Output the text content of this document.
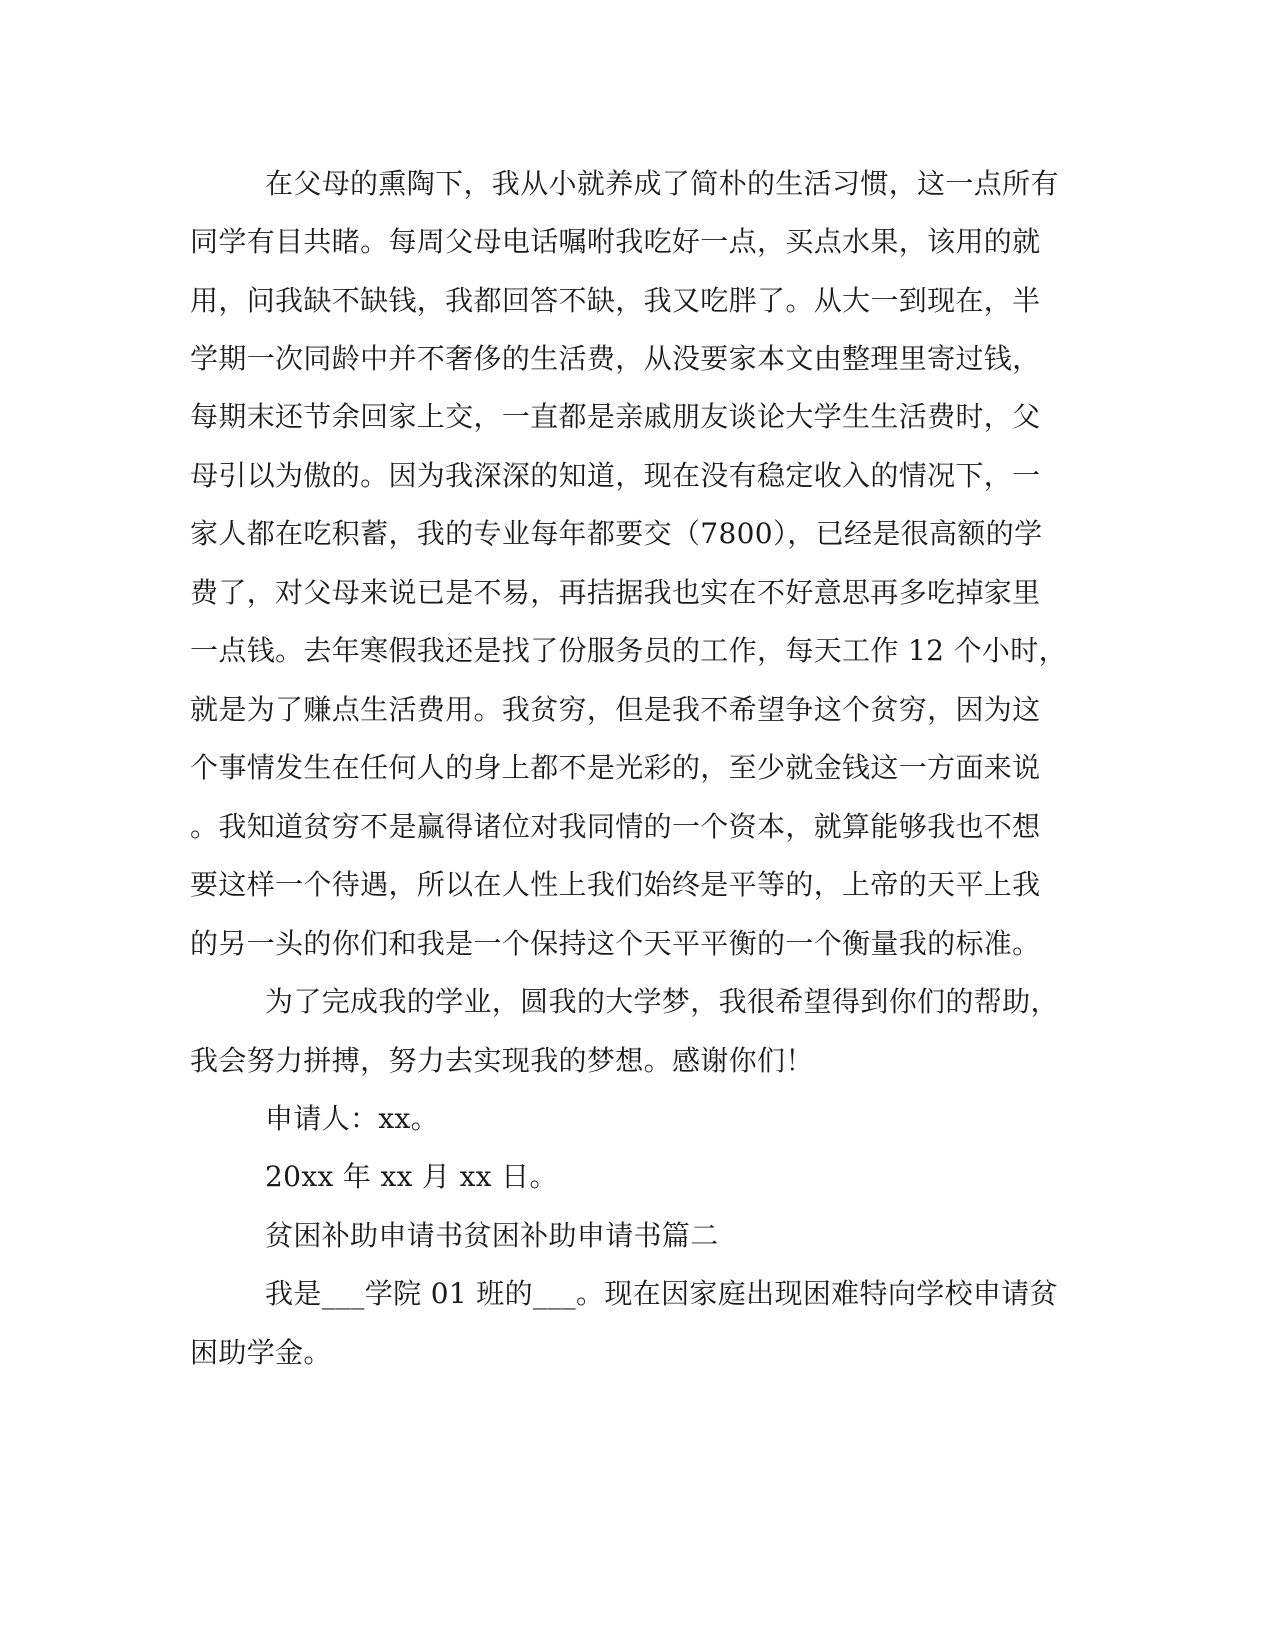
在父母的熏陶下，我从小就养成了简朴的生活习惯，这一点所有
同学有目共睹。每周父母电话嘱咐我吃好一点，买点水果，该用的就
用，问我缺不缺钱，我都回答不缺，我又吃胖了。从大一到现在，半
学期一次同龄中并不奢侈的生活费，从没要家本文由整理里寄过钱，
每期末还节余回家上交，一直都是亲戚朋友谈论大学生生活费时，父
母引以为傲的。因为我深深的知道，现在没有稳定收入的情况下，一
家人都在吃积蓄，我的专业每年都要交（7800），已经是很高额的学
费了，对父母来说已是不易，再拮据我也实在不好意思再多吃掉家里
一点钱。去年寒假我还是找了份服务员的工作，每天工作 12 个小时，
就是为了赚点生活费用。我贫穷，但是我不希望争这个贫穷，因为这
个事情发生在任何人的身上都不是光彩的，至少就金钱这一方面来说
。我知道贫穷不是赢得诸位对我同情的一个资本，就算能够我也不想
要这样一个待遇，所以在人性上我们始终是平等的，上帝的天平上我
的另一头的你们和我是一个保持这个天平平衡的一个衡量我的标准。
为了完成我的学业，圆我的大学梦，我很希望得到你们的帮助，
我会努力拼搏，努力去实现我的梦想。感谢你们！
申请人：xx。
20xx 年 xx 月 xx 日。
贫困补助申请书贫困补助申请书篇二
我是___学院 01 班的___。现在因家庭出现困难特向学校申请贫
困助学金。
